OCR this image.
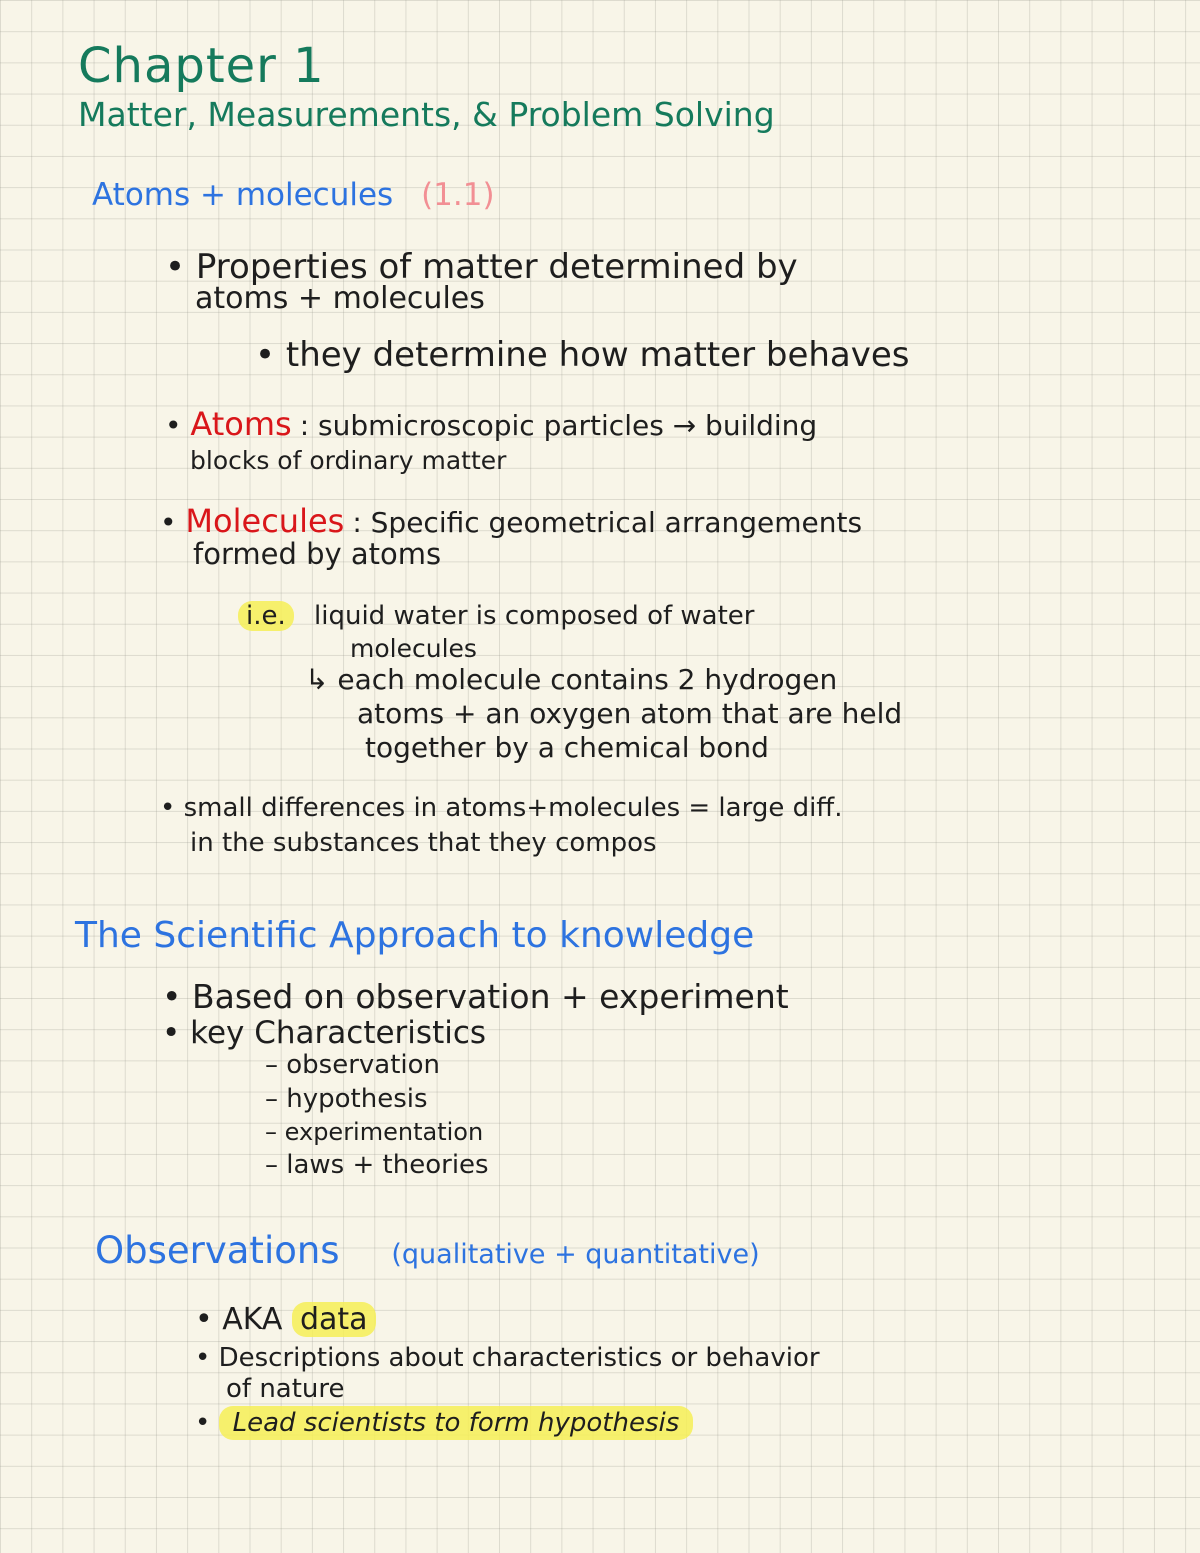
Chapter 1
Matter, Measurements, & Problem Solving
Atoms + molecules (1.1)
• Properties of matter determined by
atoms + molecules
• they determine how matter behaves
• Atoms : submicroscopic particles → building
blocks of ordinary matter
• Molecules : Specific geometrical arrangements
formed by atoms
i.e. liquid water is composed of water
molecules
↳ each molecule contains 2 hydrogen
atoms + an oxygen atom that are held
together by a chemical bond
• small differences in atoms+molecules = large diff.
in the substances that they compos
The Scientific Approach to knowledge
• Based on observation + experiment
• key Characteristics
– observation
– hypothesis
– experimentation
– laws + theories
Observations (qualitative + quantitative)
• AKA data
• Descriptions about characteristics or behavior
of nature
• Lead scientists to form hypothesis
